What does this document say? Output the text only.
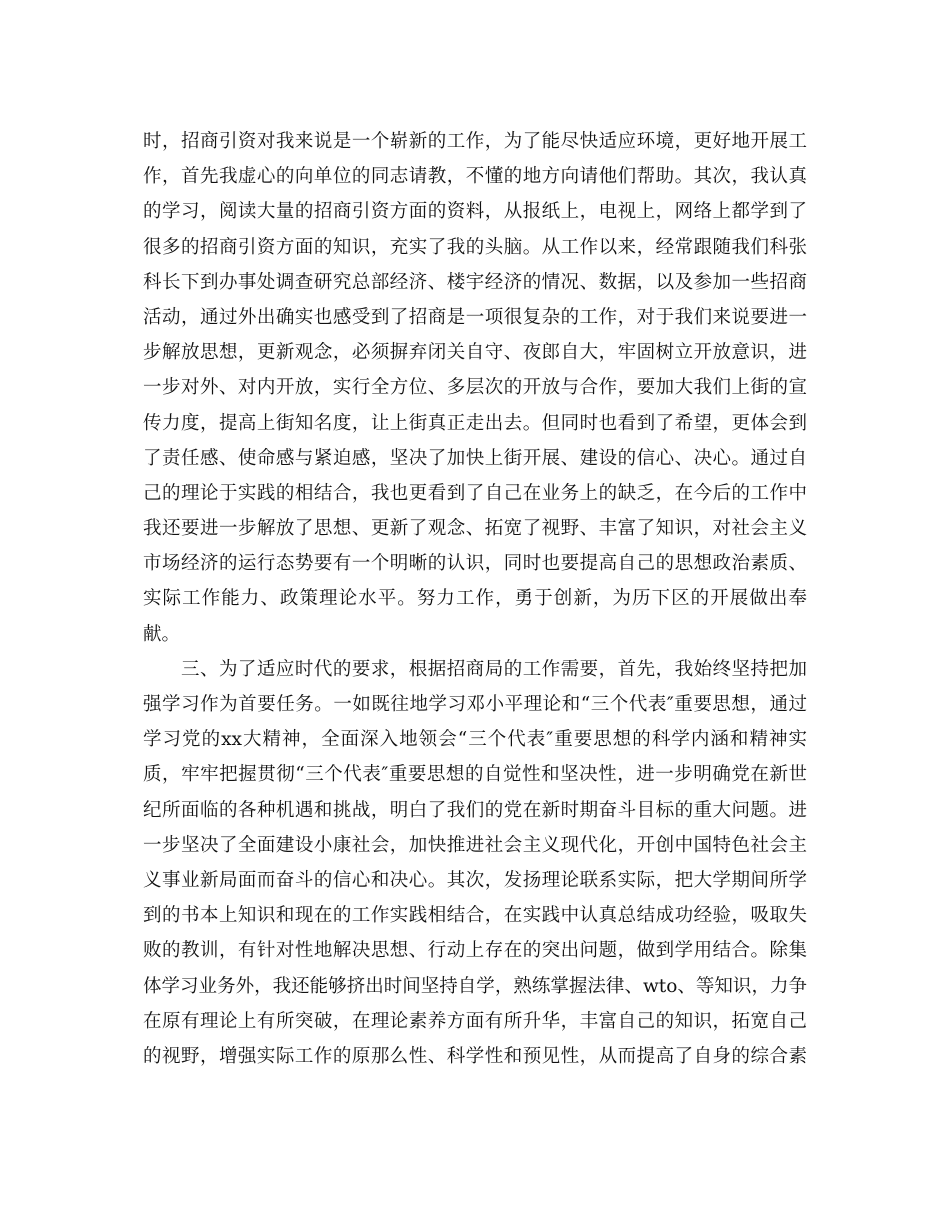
时，招商引资对我来说是一个崭新的工作，为了能尽快适应环境，更好地开展工
作，首先我虚心的向单位的同志请教，不懂的地方向请他们帮助。其次，我认真
的学习，阅读大量的招商引资方面的资料，从报纸上，电视上，网络上都学到了
很多的招商引资方面的知识，充实了我的头脑。从工作以来，经常跟随我们科张
科长下到办事处调查研究总部经济、楼宇经济的情况、数据，以及参加一些招商
活动，通过外出确实也感受到了招商是一项很复杂的工作，对于我们来说要进一
步解放思想，更新观念，必须摒弃闭关自守、夜郎自大，牢固树立开放意识，进
一步对外、对内开放，实行全方位、多层次的开放与合作，要加大我们上街的宣
传力度，提高上街知名度，让上街真正走出去。但同时也看到了希望，更体会到
了责任感、使命感与紧迫感，坚决了加快上街开展、建设的信心、决心。通过自
己的理论于实践的相结合，我也更看到了自己在业务上的缺乏，在今后的工作中
我还要进一步解放了思想、更新了观念、拓宽了视野、丰富了知识，对社会主义
市场经济的运行态势要有一个明晰的认识，同时也要提高自己的思想政治素质、
实际工作能力、政策理论水平。努力工作，勇于创新，为历下区的开展做出奉
献。
　　三、为了适应时代的要求，根据招商局的工作需要，首先，我始终坚持把加
强学习作为首要任务。一如既往地学习邓小平理论和“三个代表″重要思想，通过
学习党的xx大精神，全面深入地领会“三个代表″重要思想的科学内涵和精神实
质，牢牢把握贯彻“三个代表″重要思想的自觉性和坚决性，进一步明确党在新世
纪所面临的各种机遇和挑战，明白了我们的党在新时期奋斗目标的重大问题。进
一步坚决了全面建设小康社会，加快推进社会主义现代化，开创中国特色社会主
义事业新局面而奋斗的信心和决心。其次，发扬理论联系实际，把大学期间所学
到的书本上知识和现在的工作实践相结合，在实践中认真总结成功经验，吸取失
败的教训，有针对性地解决思想、行动上存在的突出问题，做到学用结合。除集
体学习业务外，我还能够挤出时间坚持自学，熟练掌握法律、wto、等知识，力争
在原有理论上有所突破，在理论素养方面有所升华，丰富自己的知识，拓宽自己
的视野，增强实际工作的原那么性、科学性和预见性，从而提高了自身的综合素
